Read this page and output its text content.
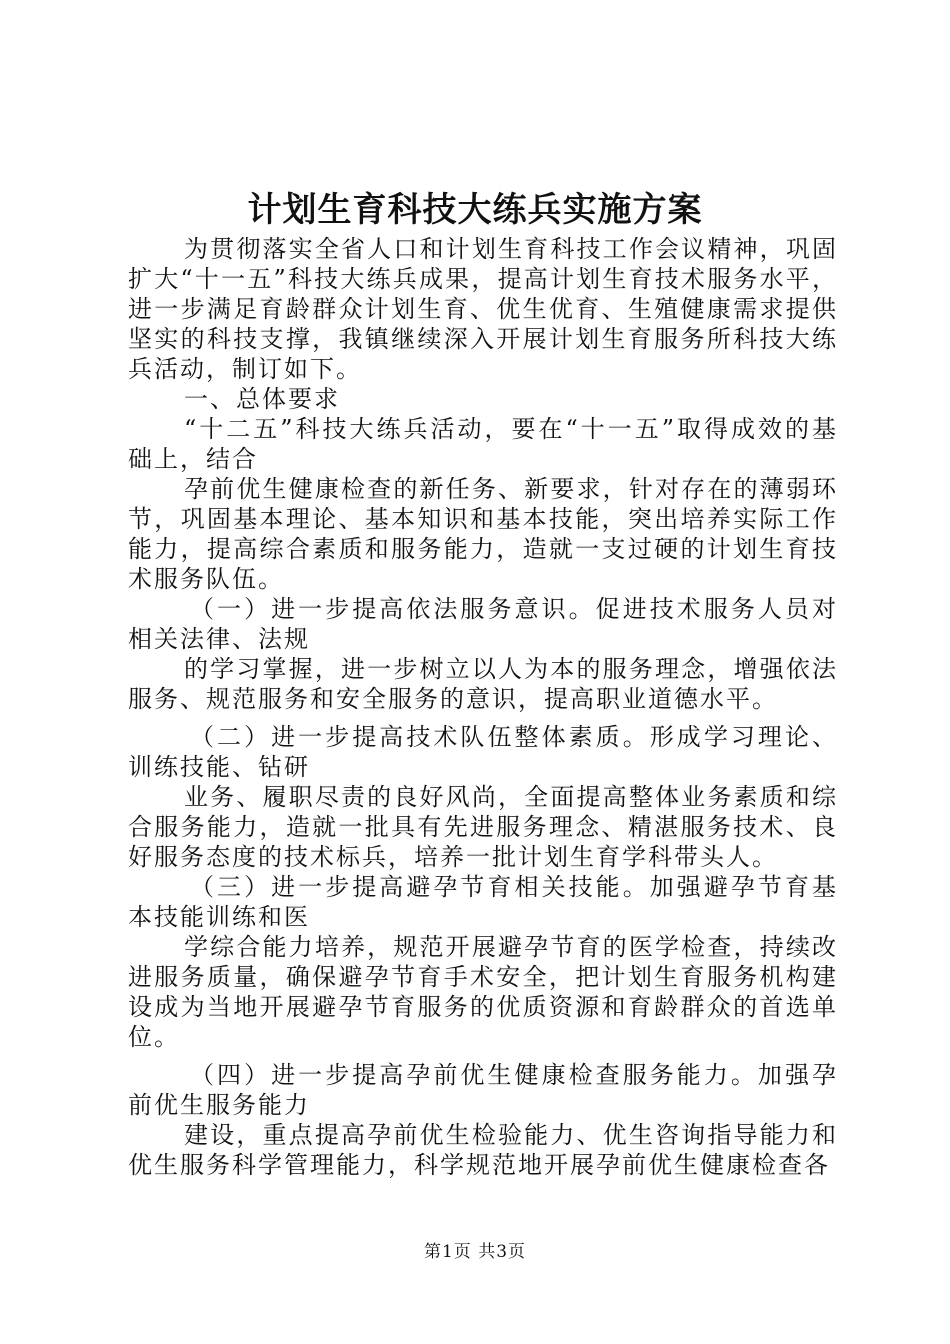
计划生育科技大练兵实施方案

为贯彻落实全省人口和计划生育科技工作会议精神，巩固扩大“十一五”科技大练兵成果，提高计划生育技术服务水平，进一步满足育龄群众计划生育、优生优育、生殖健康需求提供坚实的科技支撑，我镇继续深入开展计划生育服务所科技大练兵活动，制订如下。

一、总体要求

“十二五”科技大练兵活动，要在“十一五”取得成效的基础上，结合

孕前优生健康检查的新任务、新要求，针对存在的薄弱环节，巩固基本理论、基本知识和基本技能，突出培养实际工作能力，提高综合素质和服务能力，造就一支过硬的计划生育技术服务队伍。

（一）进一步提高依法服务意识。促进技术服务人员对相关法律、法规

的学习掌握，进一步树立以人为本的服务理念，增强依法服务、规范服务和安全服务的意识，提高职业道德水平。

（二）进一步提高技术队伍整体素质。形成学习理论、训练技能、钻研

业务、履职尽责的良好风尚，全面提高整体业务素质和综合服务能力，造就一批具有先进服务理念、精湛服务技术、良好服务态度的技术标兵，培养一批计划生育学科带头人。

（三）进一步提高避孕节育相关技能。加强避孕节育基本技能训练和医

学综合能力培养，规范开展避孕节育的医学检查，持续改进服务质量，确保避孕节育手术安全，把计划生育服务机构建设成为当地开展避孕节育服务的优质资源和育龄群众的首选单位。

（四）进一步提高孕前优生健康检查服务能力。加强孕前优生服务能力

建设，重点提高孕前优生检验能力、优生咨询指导能力和优生服务科学管理能力，科学规范地开展孕前优生健康检查各

第1页 共3页
